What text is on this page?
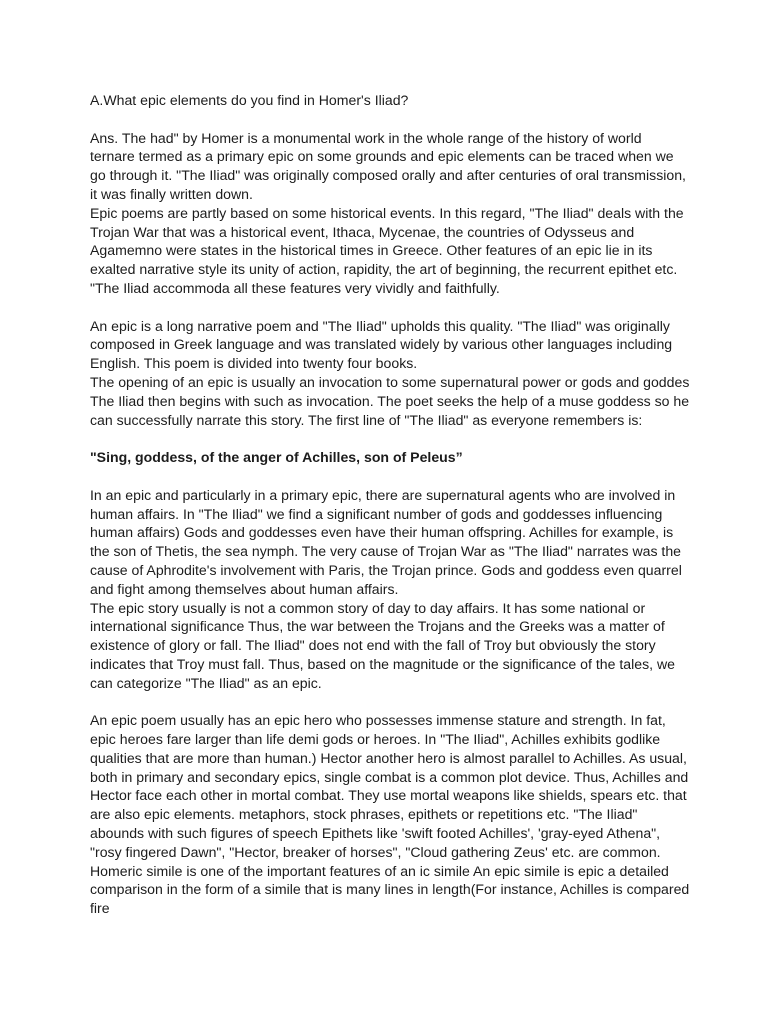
A.What epic elements do you find in Homer's Iliad?
Ans. The had" by Homer is a monumental work in the whole range of the history of world
ternare termed as a primary epic on some grounds and epic elements can be traced when we
go through it. "The Iliad" was originally composed orally and after centuries of oral transmission,
it was finally written down.
Epic poems are partly based on some historical events. In this regard, "The Iliad" deals with the
Trojan War that was a historical event, Ithaca, Mycenae, the countries of Odysseus and
Agamemno were states in the historical times in Greece. Other features of an epic lie in its
exalted narrative style its unity of action, rapidity, the art of beginning, the recurrent epithet etc.
"The Iliad accommoda all these features very vividly and faithfully.
An epic is a long narrative poem and "The Iliad" upholds this quality. "The Iliad" was originally
composed in Greek language and was translated widely by various other languages including
English. This poem is divided into twenty four books.
The opening of an epic is usually an invocation to some supernatural power or gods and goddes
The Iliad then begins with such as invocation. The poet seeks the help of a muse goddess so he
can successfully narrate this story. The first line of "The Iliad" as everyone remembers is:
"Sing, goddess, of the anger of Achilles, son of Peleus”
In an epic and particularly in a primary epic, there are supernatural agents who are involved in
human affairs. In "The Iliad" we find a significant number of gods and goddesses influencing
human affairs) Gods and goddesses even have their human offspring. Achilles for example, is
the son of Thetis, the sea nymph. The very cause of Trojan War as "The Iliad" narrates was the
cause of Aphrodite's involvement with Paris, the Trojan prince. Gods and goddess even quarrel
and fight among themselves about human affairs.
The epic story usually is not a common story of day to day affairs. It has some national or
international significance Thus, the war between the Trojans and the Greeks was a matter of
existence of glory or fall. The Iliad" does not end with the fall of Troy but obviously the story
indicates that Troy must fall. Thus, based on the magnitude or the significance of the tales, we
can categorize "The Iliad" as an epic.
An epic poem usually has an epic hero who possesses immense stature and strength. In fat,
epic heroes fare larger than life demi gods or heroes. In "The Iliad", Achilles exhibits godlike
qualities that are more than human.) Hector another hero is almost parallel to Achilles. As usual,
both in primary and secondary epics, single combat is a common plot device. Thus, Achilles and
Hector face each other in mortal combat. They use mortal weapons like shields, spears etc. that
are also epic elements. metaphors, stock phrases, epithets or repetitions etc. "The Iliad"
abounds with such figures of speech Epithets like 'swift footed Achilles', 'gray-eyed Athena",
"rosy fingered Dawn", "Hector, breaker of horses", "Cloud gathering Zeus' etc. are common.
Homeric simile is one of the important features of an ic simile An epic simile is epic a detailed
comparison in the form of a simile that is many lines in length(For instance, Achilles is compared
fire
